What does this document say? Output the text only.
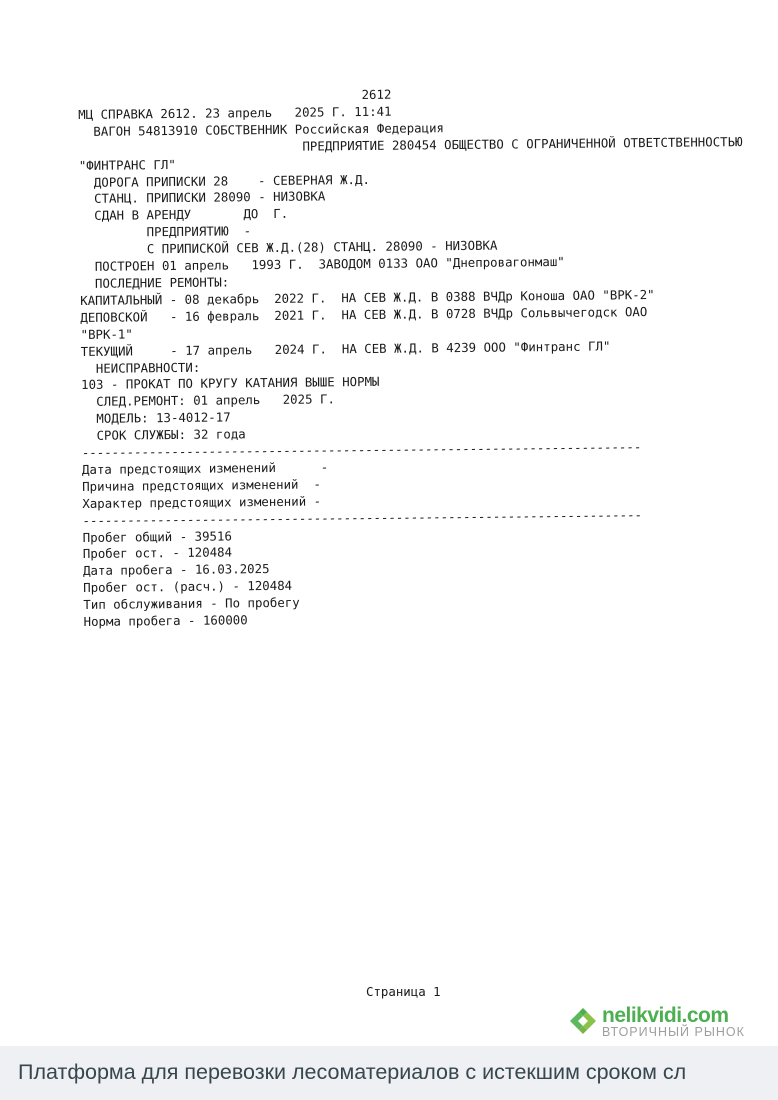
2612
МЦ СПРАВКА 2612. 23 апрель   2025 Г. 11:41
ВАГОН 54813910 СОБСТВЕННИК Российская Федерация
ПРЕДПРИЯТИЕ 280454 ОБЩЕСТВО С ОГРАНИЧЕННОЙ ОТВЕТСТВЕННОСТЬЮ
"ФИНТРАНС ГЛ"
ДОРОГА ПРИПИСКИ 28    - СЕВЕРНАЯ Ж.Д.
СТАНЦ. ПРИПИСКИ 28090 - НИЗОВКА
СДАН В АРЕНДУ       ДО  Г.
ПРЕДПРИЯТИЮ  -
С ПРИПИСКОЙ СЕВ Ж.Д.(28) СТАНЦ. 28090 - НИЗОВКА
ПОСТРОЕН 01 апрель   1993 Г.  ЗАВОДОМ 0133 ОАО "Днепровагонмаш"
ПОСЛЕДНИЕ РЕМОНТЫ:
КАПИТАЛЬНЫЙ - 08 декабрь  2022 Г.  НА СЕВ Ж.Д. В 0388 ВЧДр Коноша ОАО "ВРК-2"
ДЕПОВСКОЙ   - 16 февраль  2021 Г.  НА СЕВ Ж.Д. В 0728 ВЧДр Сольвычегодск ОАО
"ВРК-1"
ТЕКУЩИЙ     - 17 апрель   2024 Г.  НА СЕВ Ж.Д. В 4239 ООО "Финтранс ГЛ"
НЕИСПРАВНОСТИ:
103 - ПРОКАТ ПО КРУГУ КАТАНИЯ ВЫШЕ НОРМЫ
СЛЕД.РЕМОНТ: 01 апрель   2025 Г.
МОДЕЛЬ: 13-4012-17
СРОК СЛУЖБЫ: 32 года
---------------------------------------------------------------------------
Дата предстоящих изменений      -
Причина предстоящих изменений  -
Характер предстоящих изменений -
---------------------------------------------------------------------------
Пробег общий - 39516
Пробег ост. - 120484
Дата пробега - 16.03.2025
Пробег ост. (расч.) - 120484
Тип обслуживания - По пробегу
Норма пробега - 160000
Страница 1
nelikvidi.com
ВТОРИЧНЫЙ РЫНОК
Платформа для перевозки лесоматериалов с истекшим сроком сл
